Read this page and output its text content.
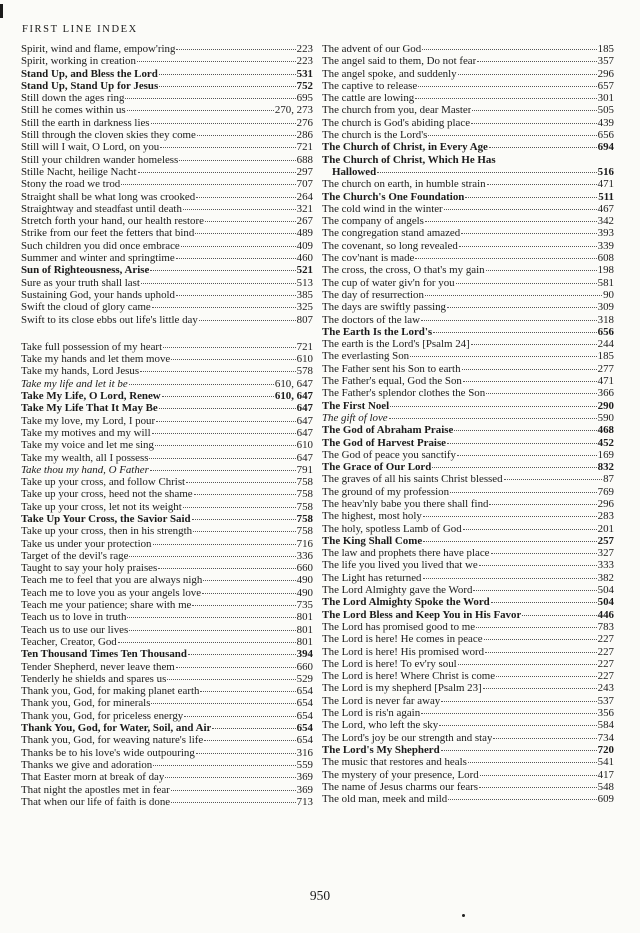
FIRST LINE INDEX
Spirit, wind and flame, empow'ring	223
Spirit, working in creation	223
Stand Up, and Bless the Lord	531
Stand Up, Stand Up for Jesus	752
Still down the ages ring	695
Still he comes within us	270, 273
Still the earth in darkness lies	276
Still through the cloven skies they come	286
Still will I wait, O Lord, on you	721
Still your children wander homeless	688
Stille Nacht, heilige Nacht	297
Stony the road we trod	707
Straight shall be what long was crooked	264
Straightway and steadfast until death	321
Stretch forth your hand, our health restore	267
Strike from our feet the fetters that bind	489
Such children you did once embrace	409
Summer and winter and springtime	460
Sun of Righteousness, Arise	521
Sure as your truth shall last	513
Sustaining God, your hands uphold	385
Swift the cloud of glory came	325
Swift to its close ebbs out life's little day	807
Take full possession of my heart	721
Take my hands and let them move	610
Take my hands, Lord Jesus	578
Take my life and let it be	610, 647
Take My Life, O Lord, Renew	610, 647
Take My Life That It May Be	647
Take my love, my Lord, I pour	647
Take my motives and my will	647
Take my voice and let me sing	610
Take my wealth, all I possess	647
Take thou my hand, O Father	791
Take up your cross, and follow Christ	758
Take up your cross, heed not the shame	758
Take up your cross, let not its weight	758
Take Up Your Cross, the Savior Said	758
Take up your cross, then in his strength	758
Take us under your protection	716
Target of the devil's rage	336
Taught to say your holy praises	660
Teach me to feel that you are always nigh	490
Teach me to love you as your angels love	490
Teach me your patience; share with me	735
Teach us to love in truth	801
Teach us to use our lives	801
Teacher, Creator, God	801
Ten Thousand Times Ten Thousand	394
Tender Shepherd, never leave them	660
Tenderly he shields and spares us	529
Thank you, God, for making planet earth	654
Thank you, God, for minerals	654
Thank you, God, for priceless energy	654
Thank You, God, for Water, Soil, and Air	654
Thank you, God, for weaving nature's life	654
Thanks be to his love's wide outpouring	316
Thanks we give and adoration	559
That Easter morn at break of day	369
That night the apostles met in fear	369
That when our life of faith is done	713
The advent of our God	185
The angel said to them, Do not fear	357
The angel spoke, and suddenly	296
The captive to release	657
The cattle are lowing	301
The church from you, dear Master	505
The church is God's abiding place	439
The church is the Lord's	656
The Church of Christ, in Every Age	694
The Church of Christ, Which He Has
Hallowed	516
The church on earth, in humble strain	471
The Church's One Foundation	511
The cold wind in the winter	467
The company of angels	342
The congregation stand amazed	393
The covenant, so long revealed	339
The cov'nant is made	608
The cross, the cross, O that's my gain	198
The cup of water giv'n for you	581
The day of resurrection	90
The days are swiftly passing	309
The doctors of the law	318
The Earth Is the Lord's	656
The earth is the Lord's [Psalm 24]	244
The everlasting Son	185
The Father sent his Son to earth	277
The Father's equal, God the Son	471
The Father's splendor clothes the Son	366
The First Noel	290
The gift of love	590
The God of Abraham Praise	468
The God of Harvest Praise	452
The God of peace you sanctify	169
The Grace of Our Lord	832
The graves of all his saints Christ blessed	87
The ground of my profession	769
The heav'nly babe you there shall find	296
The highest, most holy	283
The holy, spotless Lamb of God	201
The King Shall Come	257
The law and prophets there have place	327
The life you lived you lived that we	333
The Light has returned	382
The Lord Almighty gave the Word	504
The Lord Almighty Spoke the Word	504
The Lord Bless and Keep You in His Favor	446
The Lord has promised good to me	783
The Lord is here! He comes in peace	227
The Lord is here! His promised word	227
The Lord is here! To ev'ry soul	227
The Lord is here! Where Christ is come	227
The Lord is my shepherd [Psalm 23]	243
The Lord is never far away	537
The Lord is ris'n again	356
The Lord, who left the sky	584
The Lord's joy be our strength and stay	734
The Lord's My Shepherd	720
The music that restores and heals	541
The mystery of your presence, Lord	417
The name of Jesus charms our fears	548
The old man, meek and mild	609
950
